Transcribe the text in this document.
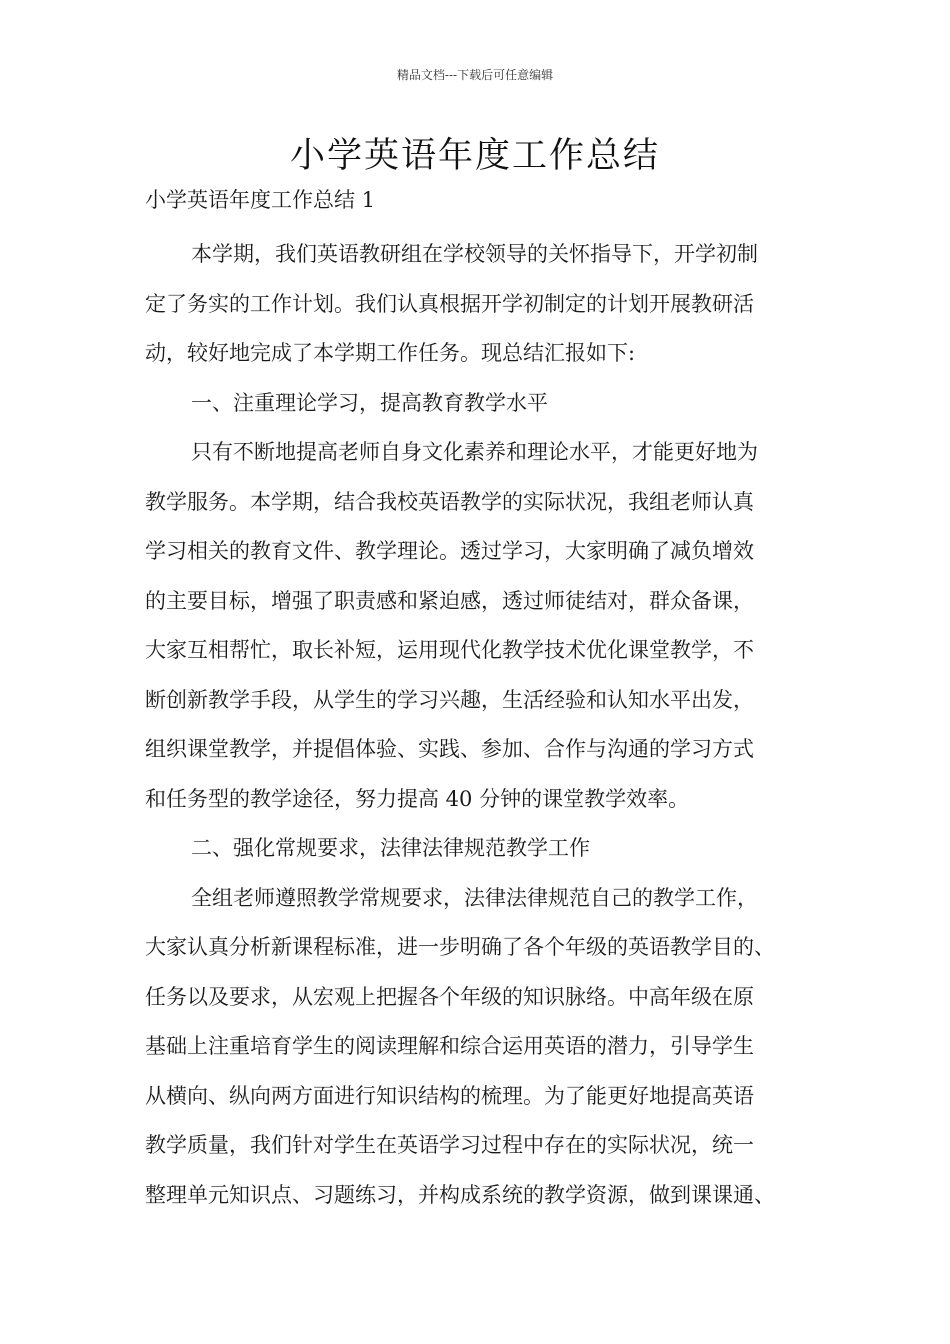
精品文档---下载后可任意编辑
小学英语年度工作总结
小学英语年度工作总结 1
本学期，我们英语教研组在学校领导的关怀指导下，开学初制
定了务实的工作计划。我们认真根据开学初制定的计划开展教研活
动，较好地完成了本学期工作任务。现总结汇报如下:
一、注重理论学习，提高教育教学水平
只有不断地提高老师自身文化素养和理论水平，才能更好地为
教学服务。本学期，结合我校英语教学的实际状况，我组老师认真
学习相关的教育文件、教学理论。透过学习，大家明确了减负增效
的主要目标，增强了职责感和紧迫感，透过师徒结对，群众备课，
大家互相帮忙，取长补短，运用现代化教学技术优化课堂教学，不
断创新教学手段，从学生的学习兴趣，生活经验和认知水平出发，
组织课堂教学，并提倡体验、实践、参加、合作与沟通的学习方式
和任务型的教学途径，努力提高 40 分钟的课堂教学效率。
二、强化常规要求，法律法律规范教学工作
全组老师遵照教学常规要求，法律法律规范自己的教学工作，
大家认真分析新课程标准，进一步明确了各个年级的英语教学目的、
任务以及要求，从宏观上把握各个年级的知识脉络。中高年级在原
基础上注重培育学生的阅读理解和综合运用英语的潜力，引导学生
从横向、纵向两方面进行知识结构的梳理。为了能更好地提高英语
教学质量，我们针对学生在英语学习过程中存在的实际状况，统一
整理单元知识点、习题练习，并构成系统的教学资源，做到课课通、
